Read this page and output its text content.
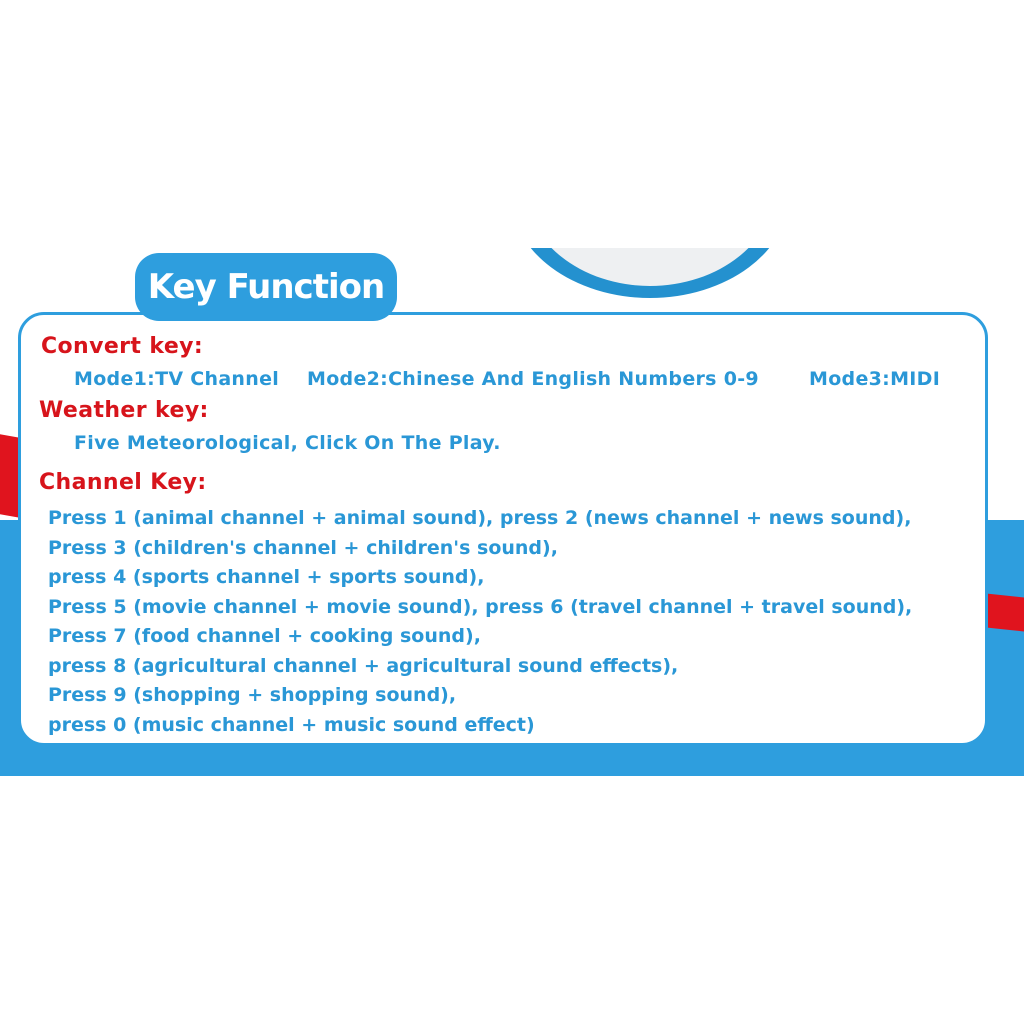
Key Function
Convert key:
Mode1:TV Channel Mode2:Chinese And English Numbers 0-9	Mode3:MIDI
Weather key:
Five Meteorological, Click On The Play.
Channel Key:
Press 1 (animal channel + animal sound), press 2 (news channel + news sound),
Press 3 (children's channel + children's sound),
press 4 (sports channel + sports sound),
Press 5 (movie channel + movie sound), press 6 (travel channel + travel sound),
Press 7 (food channel + cooking sound),
press 8 (agricultural channel + agricultural sound effects),
Press 9 (shopping + shopping sound),
press 0 (music channel + music sound effect)
